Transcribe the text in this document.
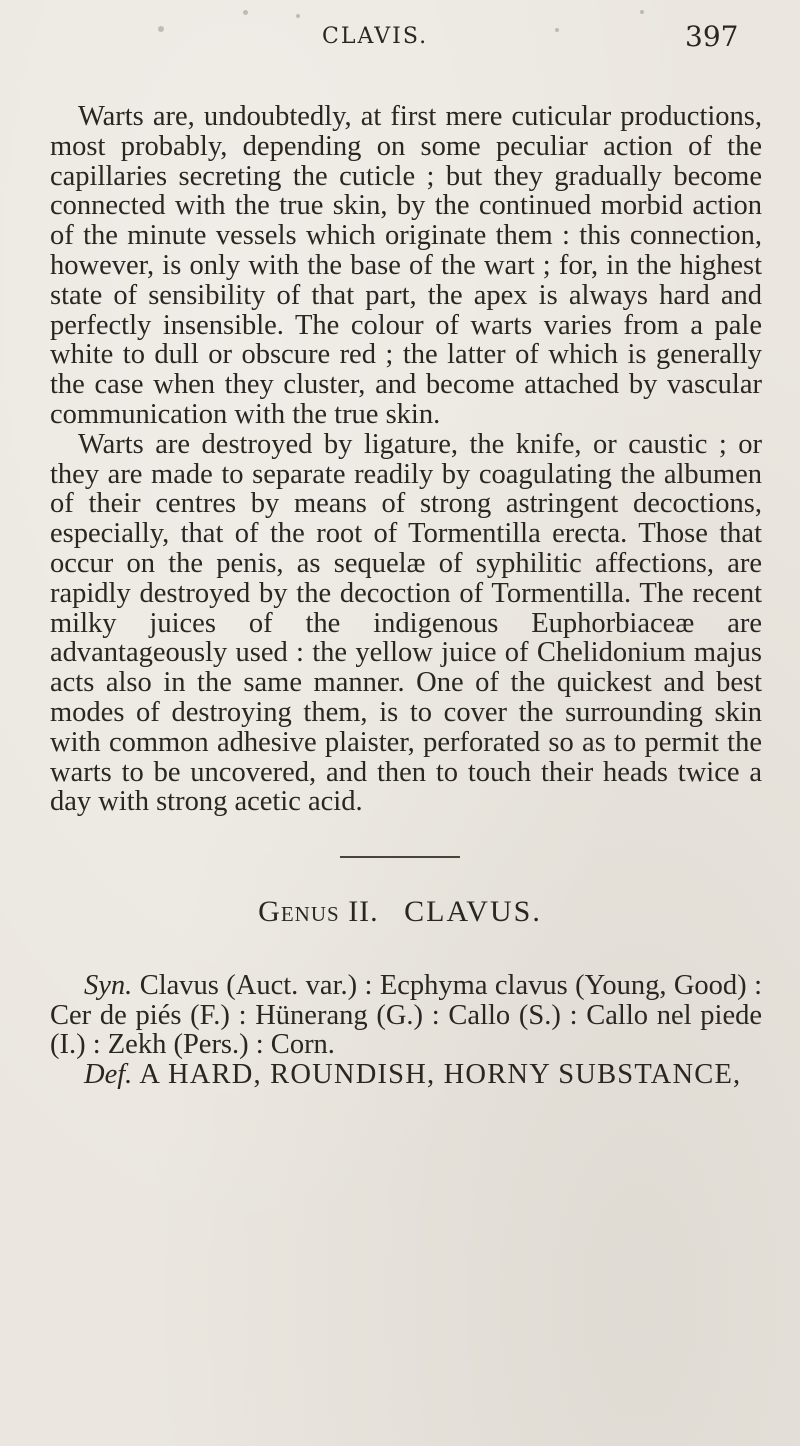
CLAVIS.	397

Warts are, undoubtedly, at first mere cuticular productions, most probably, depending on some peculiar action of the capillaries secreting the cuticle ; but they gradually become connected with the true skin, by the continued morbid action of the minute vessels which originate them : this connection, however, is only with the base of the wart ; for, in the highest state of sensibility of that part, the apex is always hard and perfectly insensible. The colour of warts varies from a pale white to dull or obscure red ; the latter of which is generally the case when they cluster, and become attached by vascular communication with the true skin.

Warts are destroyed by ligature, the knife, or caustic ; or they are made to separate readily by coagulating the albumen of their centres by means of strong astringent decoctions, especially, that of the root of Tormentilla erecta. Those that occur on the penis, as sequelæ of syphilitic affections, are rapidly destroyed by the decoction of Tormentilla. The recent milky juices of the indigenous Euphorbiaceæ are advantageously used : the yellow juice of Chelidonium majus acts also in the same manner. One of the quickest and best modes of destroying them, is to cover the surrounding skin with common adhesive plaister, perforated so as to permit the warts to be uncovered, and then to touch their heads twice a day with strong acetic acid.

Genus II. CLAVUS.

Syn. Clavus (Auct. var.) : Ecphyma clavus (Young, Good) : Cer de piés (F.) : Hünerang (G.) : Callo (S.) : Callo nel piede (I.) : Zekh (Pers.) : Corn.

Def. A HARD, ROUNDISH, HORNY SUBSTANCE,
